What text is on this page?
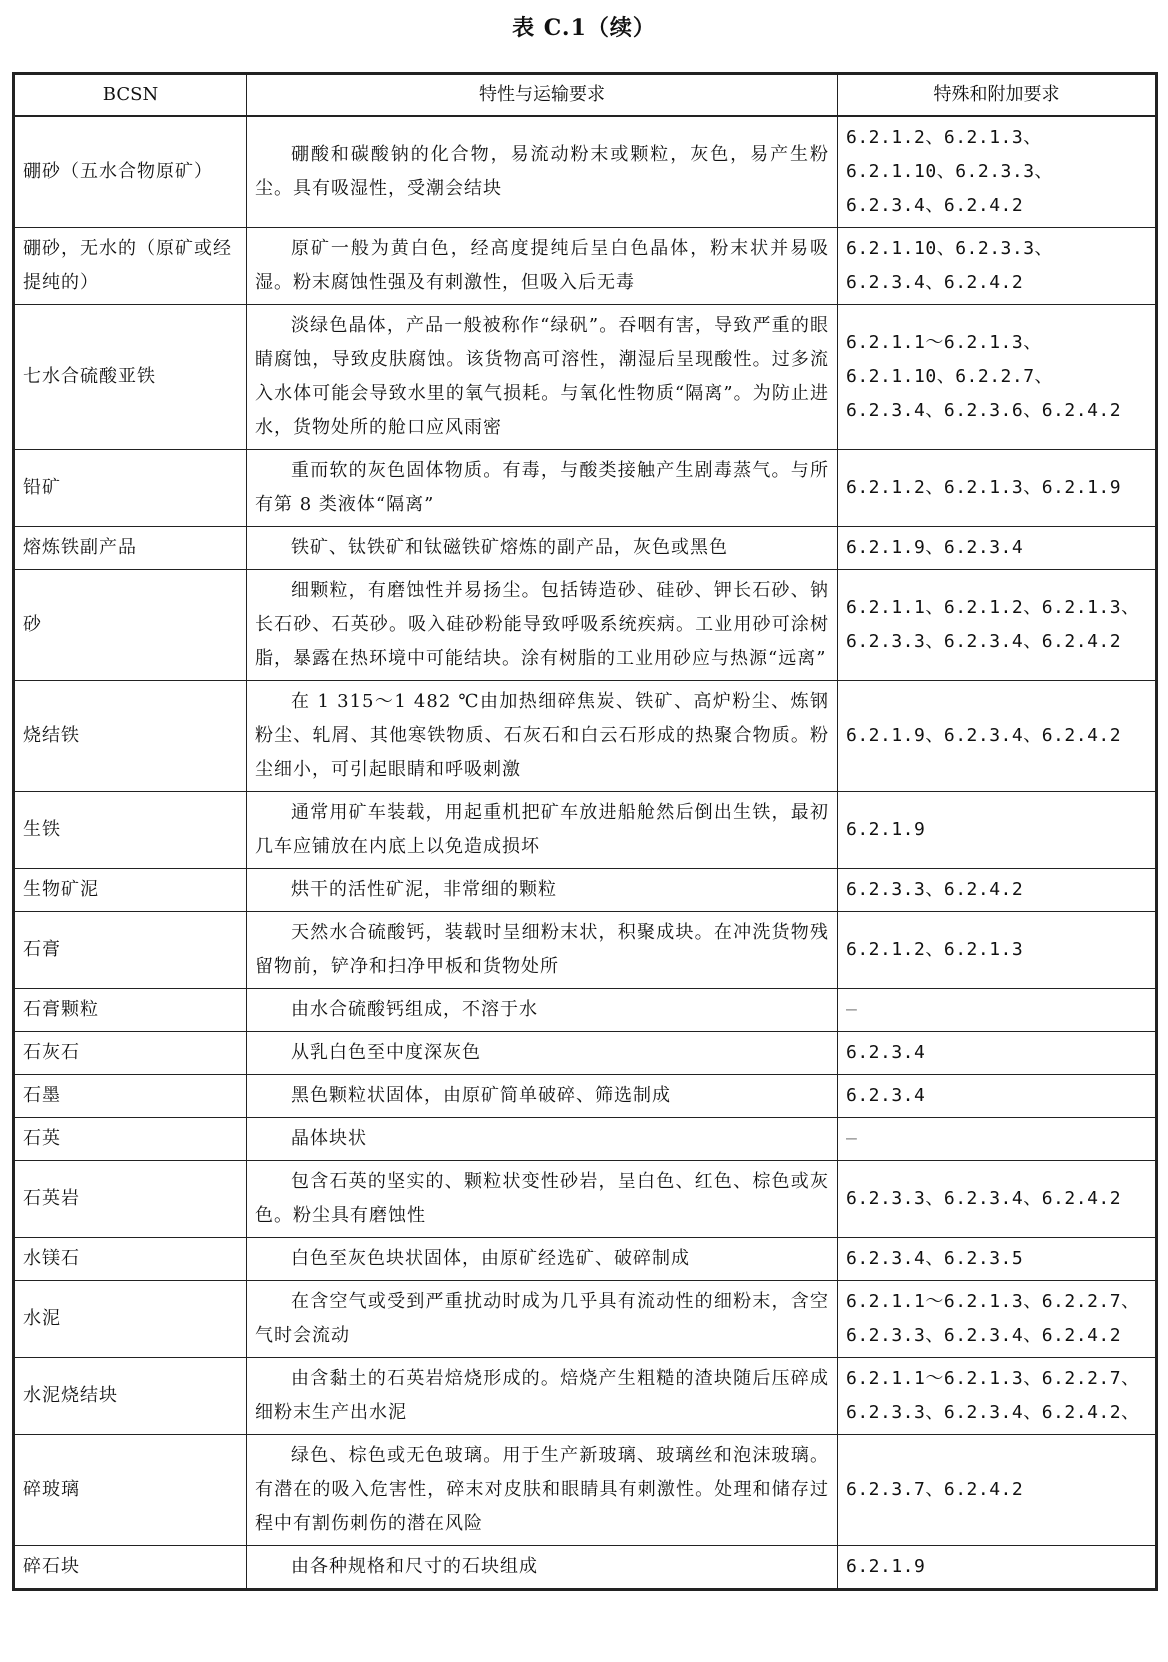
表 C.1（续）
BCSN	特性与运输要求	特殊和附加要求
硼砂（五水合物原矿）	硼酸和碳酸钠的化合物，易流动粉末或颗粒，灰色，易产生粉尘。具有吸湿性，受潮会结块	6.2.1.2、6.2.1.3、6.2.1.10、6.2.3.3、6.2.3.4、6.2.4.2
硼砂，无水的（原矿或经提纯的）	原矿一般为黄白色，经高度提纯后呈白色晶体，粉末状并易吸湿。粉末腐蚀性强及有刺激性，但吸入后无毒	6.2.1.10、6.2.3.3、6.2.3.4、6.2.4.2
七水合硫酸亚铁	淡绿色晶体，产品一般被称作“绿矾”。吞咽有害，导致严重的眼睛腐蚀，导致皮肤腐蚀。该货物高可溶性，潮湿后呈现酸性。过多流入水体可能会导致水里的氧气损耗。与氧化性物质“隔离”。为防止进水，货物处所的舱口应风雨密	6.2.1.1～6.2.1.3、6.2.1.10、6.2.2.7、6.2.3.4、6.2.3.6、6.2.4.2
铅矿	重而软的灰色固体物质。有毒，与酸类接触产生剧毒蒸气。与所有第 8 类液体“隔离”	6.2.1.2、6.2.1.3、6.2.1.9
熔炼铁副产品	铁矿、钛铁矿和钛磁铁矿熔炼的副产品，灰色或黑色	6.2.1.9、6.2.3.4
砂	细颗粒，有磨蚀性并易扬尘。包括铸造砂、硅砂、钾长石砂、钠长石砂、石英砂。吸入硅砂粉能导致呼吸系统疾病。工业用砂可涂树脂，暴露在热环境中可能结块。涂有树脂的工业用砂应与热源“远离”	6.2.1.1、6.2.1.2、6.2.1.3、6.2.3.3、6.2.3.4、6.2.4.2
烧结铁	在 1 315～1 482 ℃由加热细碎焦炭、铁矿、高炉粉尘、炼钢粉尘、轧屑、其他寒铁物质、石灰石和白云石形成的热聚合物质。粉尘细小，可引起眼睛和呼吸刺激	6.2.1.9、6.2.3.4、6.2.4.2
生铁	通常用矿车装载，用起重机把矿车放进船舱然后倒出生铁，最初几车应铺放在内底上以免造成损坏	6.2.1.9
生物矿泥	烘干的活性矿泥，非常细的颗粒	6.2.3.3、6.2.4.2
石膏	天然水合硫酸钙，装载时呈细粉末状，积聚成块。在冲洗货物残留物前，铲净和扫净甲板和货物处所	6.2.1.2、6.2.1.3
石膏颗粒	由水合硫酸钙组成，不溶于水	—
石灰石	从乳白色至中度深灰色	6.2.3.4
石墨	黑色颗粒状固体，由原矿简单破碎、筛选制成	6.2.3.4
石英	晶体块状	—
石英岩	包含石英的坚实的、颗粒状变性砂岩，呈白色、红色、棕色或灰色。粉尘具有磨蚀性	6.2.3.3、6.2.3.4、6.2.4.2
水镁石	白色至灰色块状固体，由原矿经选矿、破碎制成	6.2.3.4、6.2.3.5
水泥	在含空气或受到严重扰动时成为几乎具有流动性的细粉末，含空气时会流动	6.2.1.1～6.2.1.3、6.2.2.7、6.2.3.3、6.2.3.4、6.2.4.2
水泥烧结块	由含黏土的石英岩焙烧形成的。焙烧产生粗糙的渣块随后压碎成细粉末生产出水泥	6.2.1.1～6.2.1.3、6.2.2.7、6.2.3.3、6.2.3.4、6.2.4.2、
碎玻璃	绿色、棕色或无色玻璃。用于生产新玻璃、玻璃丝和泡沫玻璃。有潜在的吸入危害性，碎末对皮肤和眼睛具有刺激性。处理和储存过程中有割伤刺伤的潜在风险	6.2.3.7、6.2.4.2
碎石块	由各种规格和尺寸的石块组成	6.2.1.9
